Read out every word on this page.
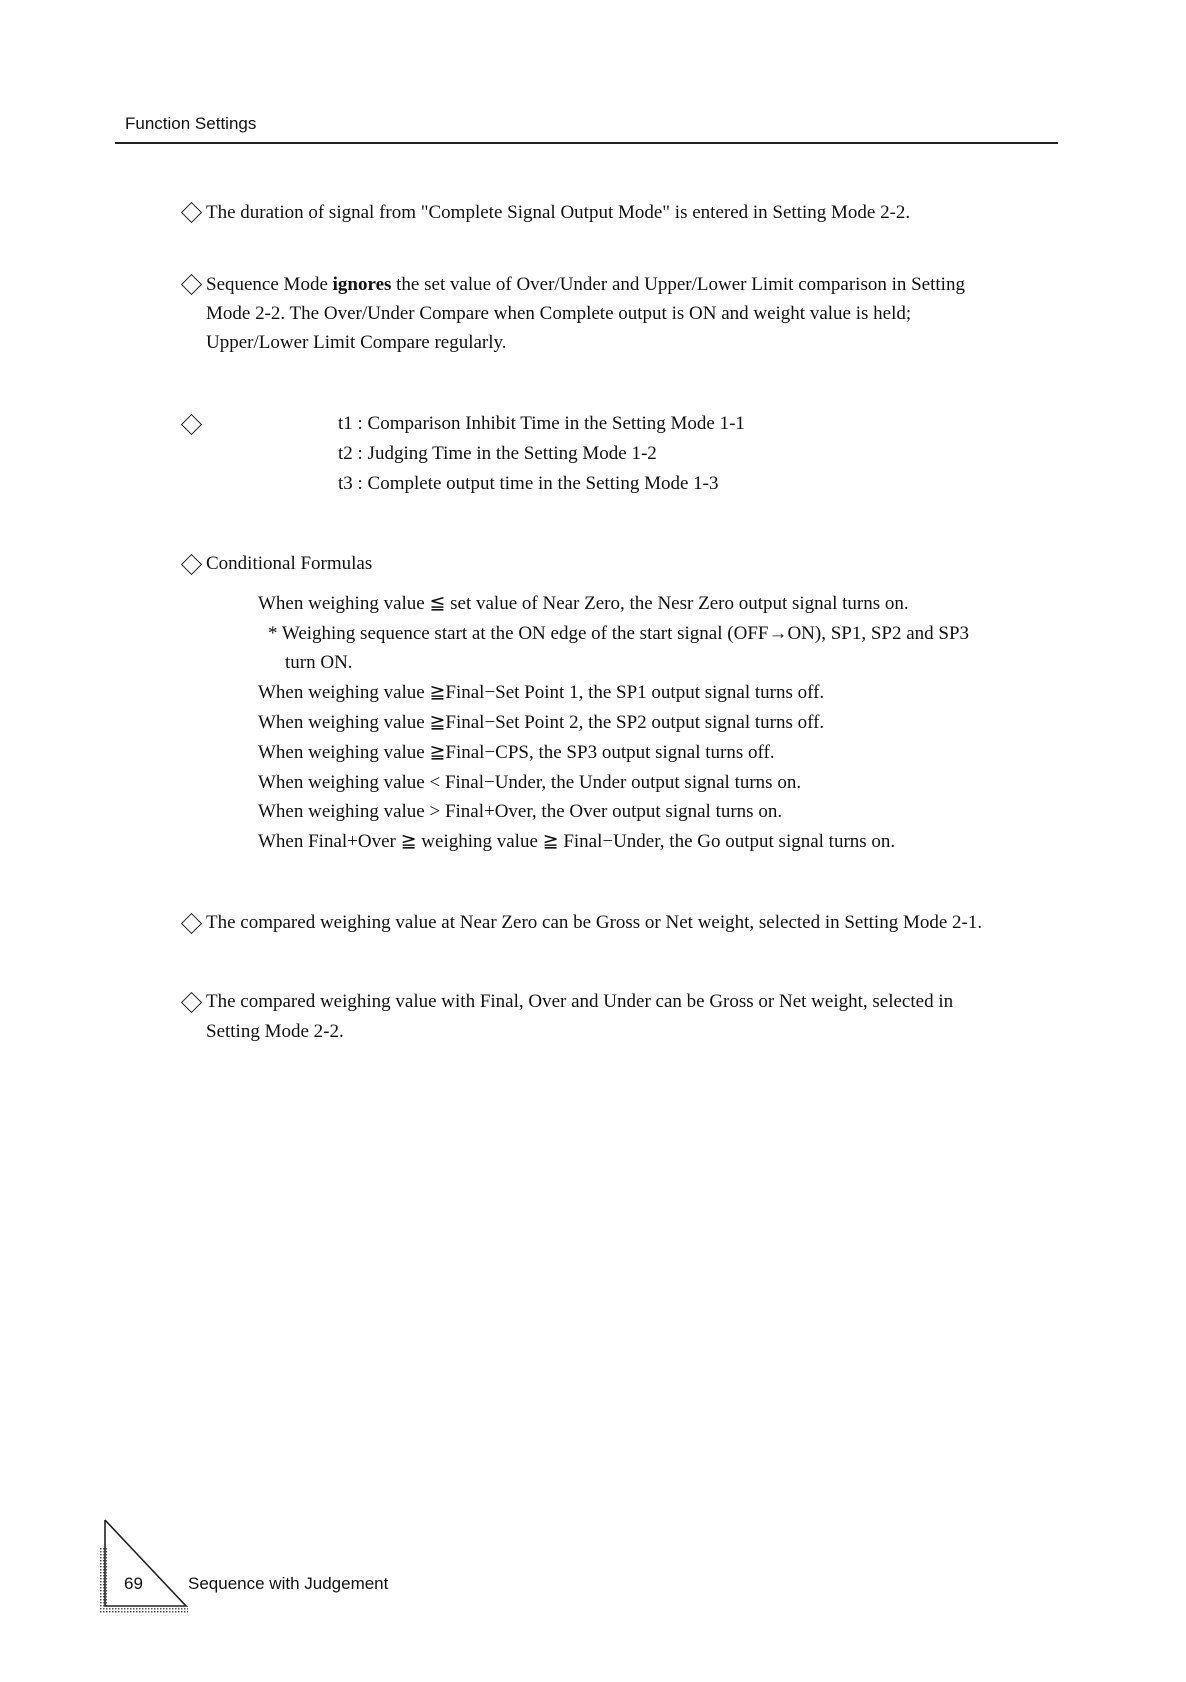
Function Settings
The duration of signal from "Complete Signal Output Mode" is entered in Setting Mode 2-2.
Sequence Mode ignores the set value of Over/Under and Upper/Lower Limit comparison in Setting
Mode 2-2. The Over/Under Compare when Complete output is ON and weight value is held;
Upper/Lower Limit Compare regularly.
t1 : Comparison Inhibit Time in the Setting Mode 1-1
t2 : Judging Time in the Setting Mode 1-2
t3 : Complete output time in the Setting Mode 1-3
Conditional Formulas
When weighing value ≦ set value of Near Zero, the Nesr Zero output signal turns on.
* Weighing sequence start at the ON edge of the start signal (OFF→ON), SP1, SP2 and SP3
turn ON.
When weighing value ≧Final−Set Point 1, the SP1 output signal turns off.
When weighing value ≧Final−Set Point 2, the SP2 output signal turns off.
When weighing value ≧Final−CPS, the SP3 output signal turns off.
When weighing value < Final−Under, the Under output signal turns on.
When weighing value > Final+Over, the Over output signal turns on.
When Final+Over ≧ weighing value ≧ Final−Under, the Go output signal turns on.
The compared weighing value at Near Zero can be Gross or Net weight, selected in Setting Mode 2-1.
The compared weighing value with Final, Over and Under can be Gross or Net weight, selected in
Setting Mode 2-2.
69	Sequence with Judgement
